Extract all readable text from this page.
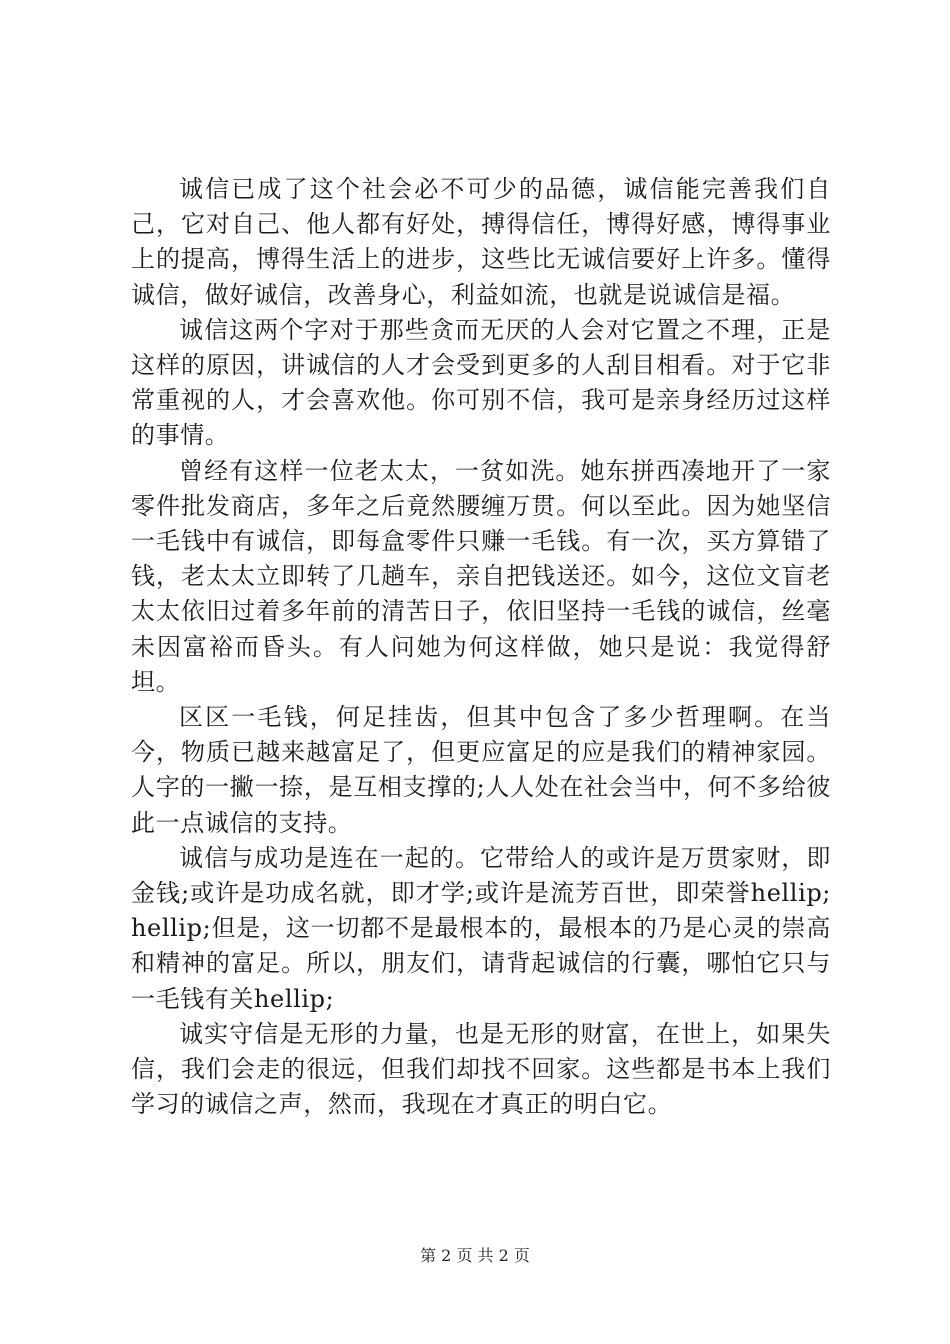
诚信已成了这个社会必不可少的品德，诚信能完善我们自己，它对自己、他人都有好处，搏得信任，博得好感，博得事业上的提高，博得生活上的进步，这些比无诚信要好上许多。懂得诚信，做好诚信，改善身心，利益如流，也就是说诚信是福。

诚信这两个字对于那些贪而无厌的人会对它置之不理，正是这样的原因，讲诚信的人才会受到更多的人刮目相看。对于它非常重视的人，才会喜欢他。你可别不信，我可是亲身经历过这样的事情。

曾经有这样一位老太太，一贫如洗。她东拼西凑地开了一家零件批发商店，多年之后竟然腰缠万贯。何以至此。因为她坚信一毛钱中有诚信，即每盒零件只赚一毛钱。有一次，买方算错了钱，老太太立即转了几趟车，亲自把钱送还。如今，这位文盲老太太依旧过着多年前的清苦日子，依旧坚持一毛钱的诚信，丝毫未因富裕而昏头。有人问她为何这样做，她只是说：我觉得舒坦。

区区一毛钱，何足挂齿，但其中包含了多少哲理啊。在当今，物质已越来越富足了，但更应富足的应是我们的精神家园。人字的一撇一捺，是互相支撑的;人人处在社会当中，何不多给彼此一点诚信的支持。

诚信与成功是连在一起的。它带给人的或许是万贯家财，即金钱;或许是功成名就，即才学;或许是流芳百世，即荣誉hellip;hellip;但是，这一切都不是最根本的，最根本的乃是心灵的崇高和精神的富足。所以，朋友们，请背起诚信的行囊，哪怕它只与一毛钱有关hellip;

诚实守信是无形的力量，也是无形的财富，在世上，如果失信，我们会走的很远，但我们却找不回家。这些都是书本上我们学习的诚信之声，然而，我现在才真正的明白它。

第 2 页 共 2 页
